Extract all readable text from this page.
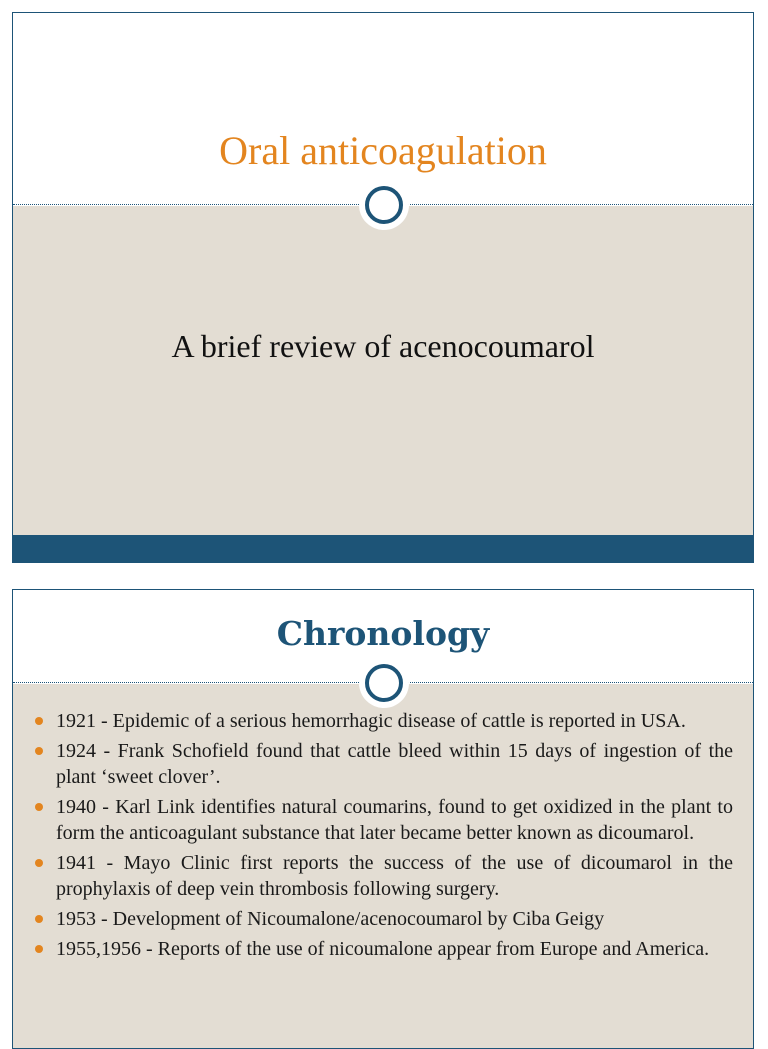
Oral anticoagulation
A brief review of acenocoumarol
Chronology
1921 - Epidemic of a serious hemorrhagic disease of cattle is reported in USA.
1924 - Frank Schofield found that cattle bleed within 15 days of ingestion of the plant ‘sweet clover’.
1940 - Karl Link identifies natural coumarins, found to get oxidized in the plant to form the anticoagulant substance that later became better known as dicoumarol.
1941 - Mayo Clinic first reports the success of the use of dicoumarol in the prophylaxis of deep vein thrombosis following surgery.
1953 - Development of Nicoumalone/acenocoumarol by Ciba Geigy
1955,1956 - Reports of the use of nicoumalone appear from Europe and America.
